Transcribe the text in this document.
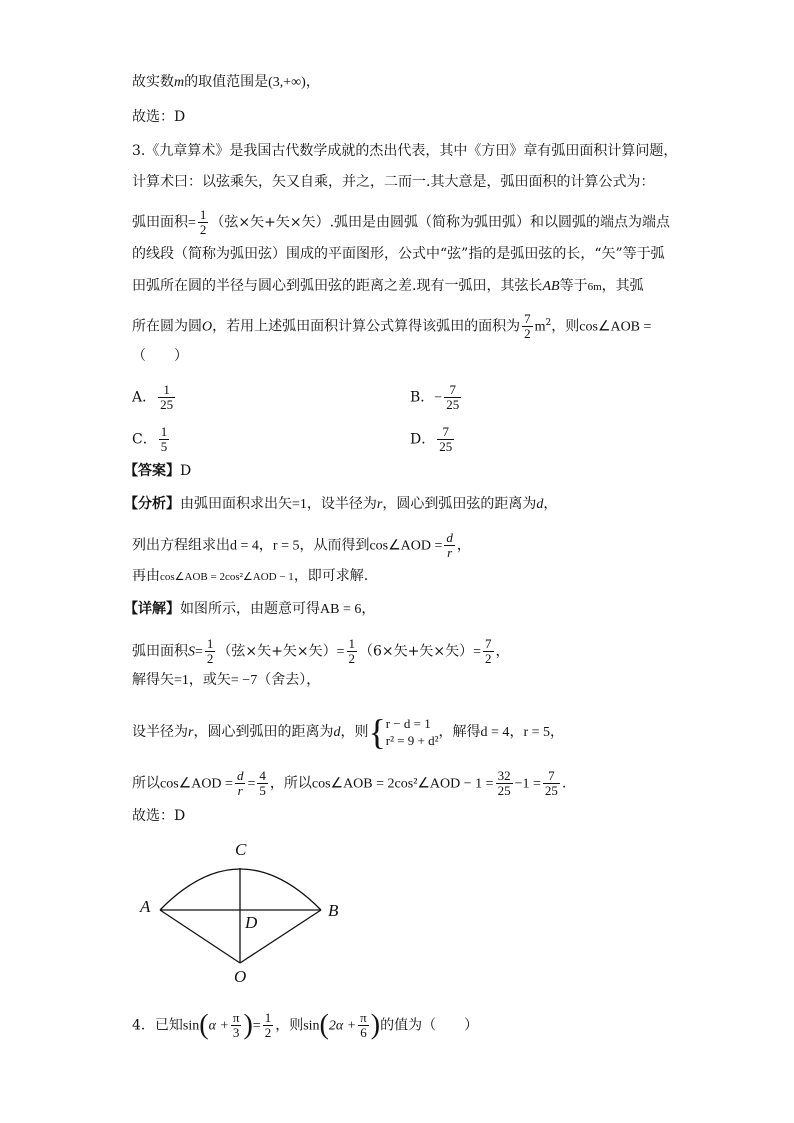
故实数m的取值范围是(3,+∞)，
故选：D
3.《九章算术》是我国古代数学成就的杰出代表，其中《方田》章有弧田面积计算问题，
计算术曰：以弦乘矢，矢又自乘，并之，二而一.其大意是，弧田面积的计算公式为：
弧田面积= $\frac{1}{2}$ （弦×矢+矢×矢）.弧田是由圆弧（简称为弧田弧）和以圆弧的端点为端点
的线段（简称为弧田弦）围成的平面图形，公式中“弦”指的是弧田弦的长，“矢”等于弧
田弧所在圆的半径与圆心到弧田弦的距离之差.现有一弧田，其弦长AB等于6m，其弧
所在圆为圆O，若用上述弧田面积计算公式算得该弧田的面积为 $\frac{7}{2} m^2$，则cos∠AOB =
（　　）
A． $\frac{1}{25}$	B．− $\frac{7}{25}$
C． $\frac{1}{5}$	D． $\frac{7}{25}$
【答案】D
【分析】由弧田面积求出矢=1，设半径为r，圆心到弧田弦的距离为d，
列出方程组求出d = 4，r = 5，从而得到cos∠AOD = $\frac{d}{r}$ ，
再由cos∠AOB = 2cos²∠AOD − 1，即可求解.
【详解】如图所示，由题意可得AB = 6，
弧田面积$S= \frac{1}{2}$ （弦×矢+矢×矢）= $\frac{1}{2} (6\times$矢+矢×矢）= $\frac{7}{2}$ ，
解得矢=1，或矢= −7（舍去），
设半径为r，圆心到弧田的距离为d，则{ r − d = 1
r² = 9 + d²
，解得d = 4，r = 5，
所以cos∠AOD = $\frac{d}{r} = \frac{4}{5}$ ，所以cos∠AOB = 2cos²∠AOD − $1 = \frac{32}{25} -1 = \frac{7}{25}$ .
故选：D
C
A	B
D
O
4．已知$\sin(\alpha + \frac{\pi}{3}$ )= $\frac{1}{2}$ ，则$\sin(2\alpha + \frac{\pi}{6}$ )的值为（　　）
